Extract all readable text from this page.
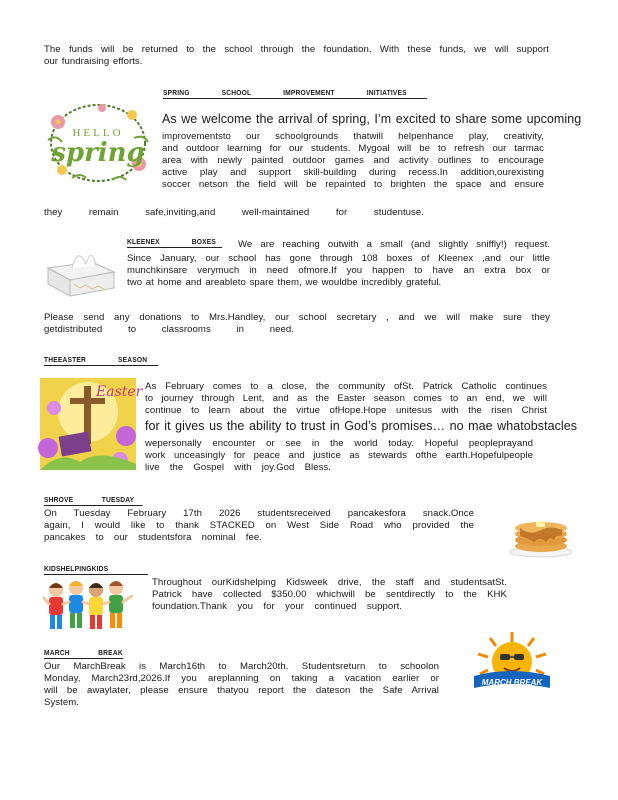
The funds will be returned to the school through the foundation. With these funds, we will support
our fundraising efforts.
SPRING SCHOOL IMPROVEMENT INITIATIVES
HELLO
spring
As we welcome the arrival of spring, I’m excited to share some upcoming
improvementsto our schoolgrounds thatwill helpenhance play, creativity,
and outdoor learning for our students. Mygoal will be to refresh our tarmac
area with newly painted outdoor games and activity outlines to encourage
active play and support skill-building during recess.In addition,ourexisting
soccer netson the field will be repainted to brighten the space and ensure
they remain safe,inviting,and well-maintained for studentuse.
KLEENEX BOXES	We are reaching outwith a small (and slightly sniffly!) request.
Since January, our school has gone through 108 boxes of Kleenex ,and our little
munchkinsare verymuch in need ofmore.If you happen to have an extra box or
two at home and areableto spare them, we wouldbe incredibly grateful.
Please send any donations to Mrs.Handley, our school secretary , and we will make sure they
getdistributed to classrooms in need.
THEEASTER SEASON
Easter As February comes to a close, the community ofSt. Patrick Catholic continues
to journey through Lent, and as the Easter season comes to an end, we will
continue to learn about the virtue ofHope.Hope unitesus with the risen Christ
for it gives us the ability to trust in God’s promises… no mae whatobstacles
wepersonally encounter or see in the world today. Hopeful peopleprayand
work unceasingly for peace and justice as stewards ofthe earth.Hopefulpeople
live the Gospel with joy.God Bless.
SHROVE TUESDAY
On Tuesday February 17th 2026 studentsreceived pancakesfora snack.Once
again, I would like to thank STACKED on West Side Road who provided the
pancakes to our studentsfora nominal fee.
KIDSHELPINGKIDS
Throughout ourKidshelping Kidsweek drive, the staff and studentsatSt.
Patrick have collected $350.00 whichwill be sentdirectly to the KHK
foundation.Thank you for your continued support.
MARCH BREAK
Our MarchBreak is March16th to March20th. Studentsreturn to schoolon
Monday, March23rd,2026.If you areplanning on taking a vacation earlier or
will be awaylater, please ensure thatyou report the dateson the Safe Arrival
System.
MARCH BREAK
